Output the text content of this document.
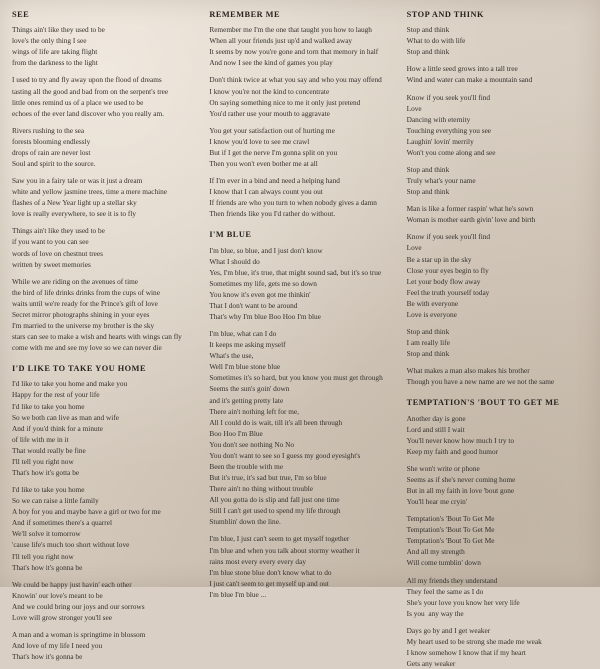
SEE

Things ain't like they used to be

love's the only thing I see

wings of life are taking flight

from the darkness to the light

I used to try and fly away upon the flood of dreams

tasting all the good and bad from on the serpent's tree

little ones remind us of a place we used to be

echoes of the ever land discover who you really am.

Rivers rushing to the sea

forests blooming endlessly

drops of rain are never lost

Soul and spirit to the source.

Saw you in a fairy tale or was it just a dream

white and yellow jasmine trees, time a mere machine

flashes of a New Year light up a stellar sky

love is really everywhere, to see it is to fly

Things ain't like they used to be

if you want to you can see

words of love on chestnut trees

written by sweet memories

While we are riding on the avenues of time

the bird of life drinks drinks from the cups of wine

waits until we're ready for the Prince's gift of love

Secret mirror photographs shining in your eyes

I'm married to the universe my brother is the sky

stars can see to make a wish and hearts with wings can fly

come with me and see my love so we can never die

I'D LIKE TO TAKE YOU HOME

I'd like to take you home and make you

Happy for the rest of your life

I'd like to take you home

So we both can live as man and wife

And if you'd think for a minute

of life with me in it

That would really be fine

I'll tell you right now

That's how it's gotta be

I'd like to take you home

So we can raise a little family

A boy for you and maybe have a girl or two for me

And if sometimes there's a quarrel

We'll solve it tomorrow

'cause life's much too short without love

I'll tell you right now

That's how it's gonna be

We could be happy just havin' each other

Knowin' our love's meant to be

And we could bring our joys and our sorrows

Love will grow stronger you'll see

A man and a woman is springtime in blossom

And love of my life I need you

That's how it's gonna be

REMEMBER ME

Remember me I'm the one that taught you how to laugh

When all your friends just up'd and walked away

It seems by now you're gone and torn that memory in half

And now I see the kind of games you play

Don't think twice at what you say and who you may offend

I know you're not the kind to concentrate

On saying something nice to me it only just pretend

You'd rather use your mouth to aggravate

You get your satisfaction out of hurting me

I know you'd love to see me crawl

But if I get the nerve I'm gonna split on you

Then you won't even bother me at all

If I'm ever in a bind and need a helping hand

I know that I can always count you out

If friends are who you turn to when nobody gives a damn

Then friends like you I'd rather do without.

I'M BLUE

I'm blue, so blue, and I just don't know

What I should do

Yes, I'm blue, it's true, that might sound sad, but it's so true

Sometimes my life, gets me so down

You know it's even got me thinkin'

That I don't want to be around

That's why I'm blue Boo Hoo I'm blue

I'm blue, what can I do

It keeps me asking myself

What's the use,

Well I'm blue stone blue

Sometimes it's so hard, but you know you must get through

Seems the sun's goin' down

and it's getting pretty late

There ain't nothing left for me,

All I could do is wait, till it's all been through

Boo Hoo I'm Blue

You don't see nothing No No

You don't want to see so I guess my good eyesight's

Been the trouble with me

But it's true, it's sad but true, I'm so blue

There ain't no thing without trouble

All you gotta do is slip and fall just one time

Still I can't get used to spend my life through

Stumblin' down the line.

I'm blue, I just can't seem to get myself together

I'm blue and when you talk about stormy weather it

rains most every every every day

I'm blue stone blue don't know what to do

I just can't seem to get myself up and out

I'm blue I'm blue ...

STOP AND THINK

Stop and think

What to do with life

Stop and think

How a little seed grows into a tall tree

Wind and water can make a mountain sand

Know if you seek you'll find

Love

Dancing with eternity

Touching everything you see

Laughin' lovin' merrily

Won't you come along and see

Stop and think

Truly what's your name

Stop and think

Man is like a former raspin' what he's sown

Woman is mother earth givin' love and birth

Know if you seek you'll find

Love

Be a star up in the sky

Close your eyes begin to fly

Let your body flow away

Feel the truth yourself today

Be with everyone

Love is everyone

Stop and think

I am really life

Stop and think

What makes a man also makes his brother

Though you have a new name are we not the same

TEMPTATION'S 'BOUT TO GET ME

Another day is gone

Lord and still I wait

You'll never know how much I try to

Keep my faith and good humor

She won't write or phone

Seems as if she's never coming home

But in all my faith in love 'bout gone

You'll hear me cryin'

Temptation's 'Bout To Get Me

Temptation's 'Bout To Get Me

Temptation's 'Bout To Get Me

And all my strength

Will come tumblin' down

All my friends they understand

They feel the same as I do

She's your love you know her very life

Is you  any way the

Days go by and I get weaker

My heart used to be strong she made me weak

I know somehow I know that if my heart

Gets any weaker
